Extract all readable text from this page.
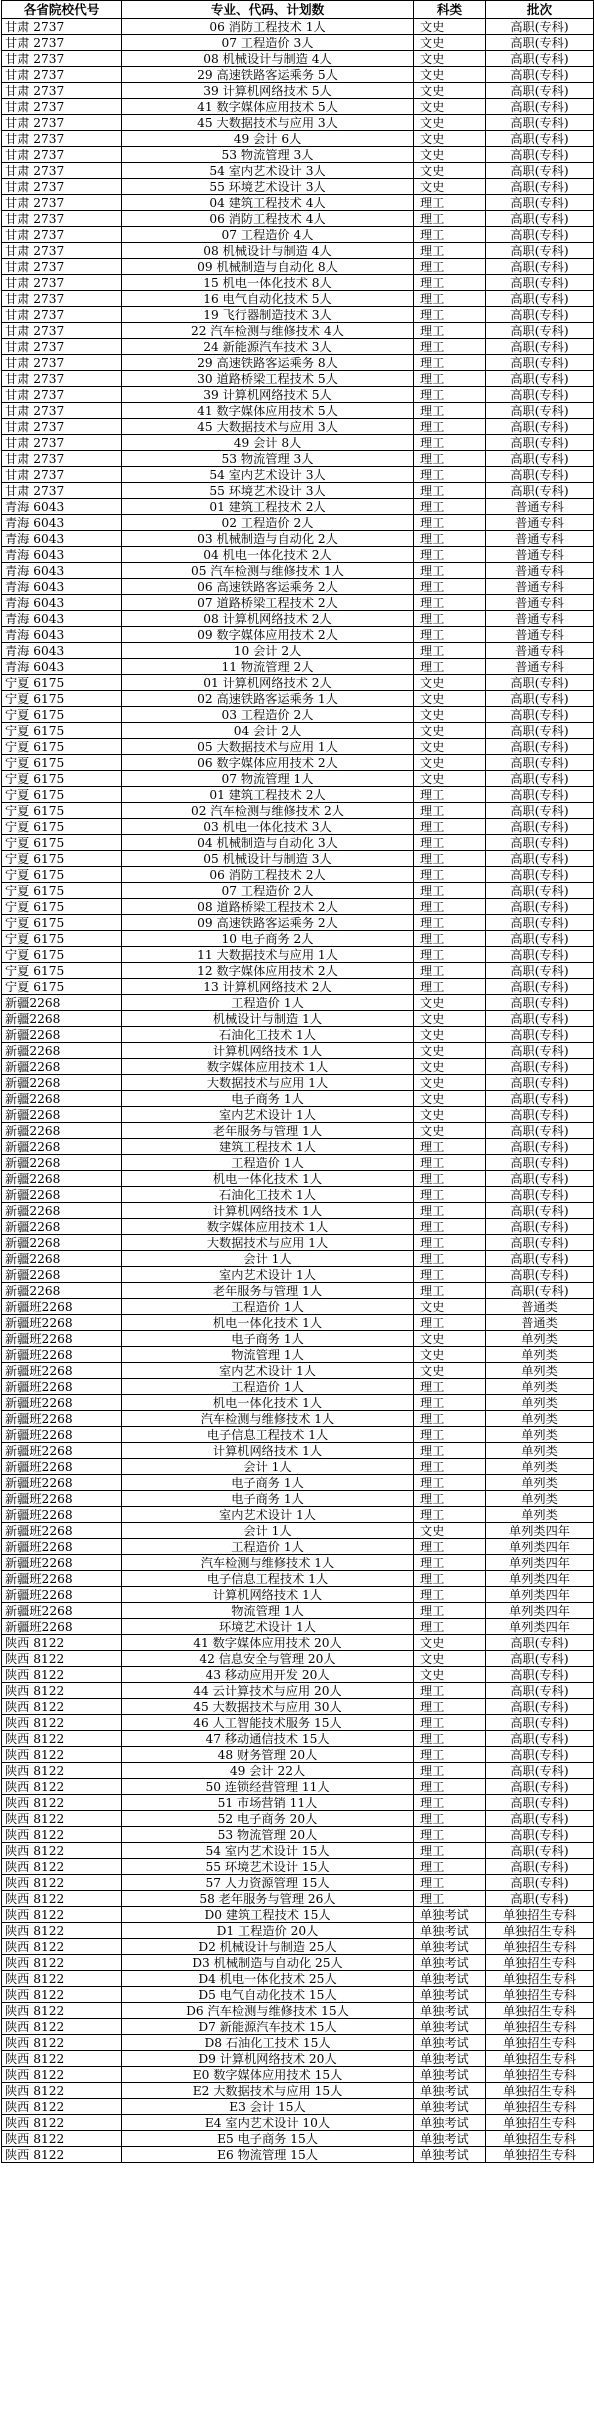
各省院校代号	专业、代码、计划数	科类	批次
甘肃 2737	06 消防工程技术 1人	文史	高职(专科)
甘肃 2737	07 工程造价 3人	文史	高职(专科)
甘肃 2737	08 机械设计与制造 4人	文史	高职(专科)
甘肃 2737	29 高速铁路客运乘务 5人	文史	高职(专科)
甘肃 2737	39 计算机网络技术 5人	文史	高职(专科)
甘肃 2737	41 数字媒体应用技术 5人	文史	高职(专科)
甘肃 2737	45 大数据技术与应用 3人	文史	高职(专科)
甘肃 2737	49 会计 6人	文史	高职(专科)
甘肃 2737	53 物流管理 3人	文史	高职(专科)
甘肃 2737	54 室内艺术设计 3人	文史	高职(专科)
甘肃 2737	55 环境艺术设计 3人	文史	高职(专科)
甘肃 2737	04 建筑工程技术 4人	理工	高职(专科)
甘肃 2737	06 消防工程技术 4人	理工	高职(专科)
甘肃 2737	07 工程造价 4人	理工	高职(专科)
甘肃 2737	08 机械设计与制造 4人	理工	高职(专科)
甘肃 2737	09 机械制造与自动化 8人	理工	高职(专科)
甘肃 2737	15 机电一体化技术 8人	理工	高职(专科)
甘肃 2737	16 电气自动化技术 5人	理工	高职(专科)
甘肃 2737	19 飞行器制造技术 3人	理工	高职(专科)
甘肃 2737	22 汽车检测与维修技术 4人	理工	高职(专科)
甘肃 2737	24 新能源汽车技术 3人	理工	高职(专科)
甘肃 2737	29 高速铁路客运乘务 8人	理工	高职(专科)
甘肃 2737	30 道路桥梁工程技术 5人	理工	高职(专科)
甘肃 2737	39 计算机网络技术 5人	理工	高职(专科)
甘肃 2737	41 数字媒体应用技术 5人	理工	高职(专科)
甘肃 2737	45 大数据技术与应用 3人	理工	高职(专科)
甘肃 2737	49 会计 8人	理工	高职(专科)
甘肃 2737	53 物流管理 3人	理工	高职(专科)
甘肃 2737	54 室内艺术设计 3人	理工	高职(专科)
甘肃 2737	55 环境艺术设计 3人	理工	高职(专科)
青海 6043	01 建筑工程技术 2人	理工	普通专科
青海 6043	02 工程造价 2人	理工	普通专科
青海 6043	03 机械制造与自动化 2人	理工	普通专科
青海 6043	04 机电一体化技术 2人	理工	普通专科
青海 6043	05 汽车检测与维修技术 1人	理工	普通专科
青海 6043	06 高速铁路客运乘务 2人	理工	普通专科
青海 6043	07 道路桥梁工程技术 2人	理工	普通专科
青海 6043	08 计算机网络技术 2人	理工	普通专科
青海 6043	09 数字媒体应用技术 2人	理工	普通专科
青海 6043	10 会计 2人	理工	普通专科
青海 6043	11 物流管理 2人	理工	普通专科
宁夏 6175	01 计算机网络技术 2人	文史	高职(专科)
宁夏 6175	02 高速铁路客运乘务 1人	文史	高职(专科)
宁夏 6175	03 工程造价 2人	文史	高职(专科)
宁夏 6175	04 会计 2人	文史	高职(专科)
宁夏 6175	05 大数据技术与应用 1人	文史	高职(专科)
宁夏 6175	06 数字媒体应用技术 2人	文史	高职(专科)
宁夏 6175	07 物流管理 1人	文史	高职(专科)
宁夏 6175	01 建筑工程技术 2人	理工	高职(专科)
宁夏 6175	02 汽车检测与维修技术 2人	理工	高职(专科)
宁夏 6175	03 机电一体化技术 3人	理工	高职(专科)
宁夏 6175	04 机械制造与自动化 3人	理工	高职(专科)
宁夏 6175	05 机械设计与制造 3人	理工	高职(专科)
宁夏 6175	06 消防工程技术 2人	理工	高职(专科)
宁夏 6175	07 工程造价 2人	理工	高职(专科)
宁夏 6175	08 道路桥梁工程技术 2人	理工	高职(专科)
宁夏 6175	09 高速铁路客运乘务 2人	理工	高职(专科)
宁夏 6175	10 电子商务 2人	理工	高职(专科)
宁夏 6175	11 大数据技术与应用 1人	理工	高职(专科)
宁夏 6175	12 数字媒体应用技术 2人	理工	高职(专科)
宁夏 6175	13 计算机网络技术 2人	理工	高职(专科)
新疆2268	工程造价 1人	文史	高职(专科)
新疆2268	机械设计与制造 1人	文史	高职(专科)
新疆2268	石油化工技术 1人	文史	高职(专科)
新疆2268	计算机网络技术 1人	文史	高职(专科)
新疆2268	数字媒体应用技术 1人	文史	高职(专科)
新疆2268	大数据技术与应用 1人	文史	高职(专科)
新疆2268	电子商务 1人	文史	高职(专科)
新疆2268	室内艺术设计 1人	文史	高职(专科)
新疆2268	老年服务与管理 1人	文史	高职(专科)
新疆2268	建筑工程技术 1人	理工	高职(专科)
新疆2268	工程造价 1人	理工	高职(专科)
新疆2268	机电一体化技术 1人	理工	高职(专科)
新疆2268	石油化工技术 1人	理工	高职(专科)
新疆2268	计算机网络技术 1人	理工	高职(专科)
新疆2268	数字媒体应用技术 1人	理工	高职(专科)
新疆2268	大数据技术与应用 1人	理工	高职(专科)
新疆2268	会计 1人	理工	高职(专科)
新疆2268	室内艺术设计 1人	理工	高职(专科)
新疆2268	老年服务与管理 1人	理工	高职(专科)
新疆班2268	工程造价 1人	文史	普通类
新疆班2268	机电一体化技术 1人	理工	普通类
新疆班2268	电子商务 1人	文史	单列类
新疆班2268	物流管理 1人	文史	单列类
新疆班2268	室内艺术设计 1人	文史	单列类
新疆班2268	工程造价 1人	理工	单列类
新疆班2268	机电一体化技术 1人	理工	单列类
新疆班2268	汽车检测与维修技术 1人	理工	单列类
新疆班2268	电子信息工程技术 1人	理工	单列类
新疆班2268	计算机网络技术 1人	理工	单列类
新疆班2268	会计 1人	理工	单列类
新疆班2268	电子商务 1人	理工	单列类
新疆班2268	电子商务 1人	理工	单列类
新疆班2268	室内艺术设计 1人	理工	单列类
新疆班2268	会计 1人	文史	单列类四年
新疆班2268	工程造价 1人	理工	单列类四年
新疆班2268	汽车检测与维修技术 1人	理工	单列类四年
新疆班2268	电子信息工程技术 1人	理工	单列类四年
新疆班2268	计算机网络技术 1人	理工	单列类四年
新疆班2268	物流管理 1人	理工	单列类四年
新疆班2268	环境艺术设计 1人	理工	单列类四年
陕西 8122	41 数字媒体应用技术 20人	文史	高职(专科)
陕西 8122	42 信息安全与管理 20人	文史	高职(专科)
陕西 8122	43 移动应用开发 20人	文史	高职(专科)
陕西 8122	44 云计算技术与应用 20人	理工	高职(专科)
陕西 8122	45 大数据技术与应用 30人	理工	高职(专科)
陕西 8122	46 人工智能技术服务 15人	理工	高职(专科)
陕西 8122	47 移动通信技术 15人	理工	高职(专科)
陕西 8122	48 财务管理 20人	理工	高职(专科)
陕西 8122	49 会计 22人	理工	高职(专科)
陕西 8122	50 连锁经营管理 11人	理工	高职(专科)
陕西 8122	51 市场营销 11人	理工	高职(专科)
陕西 8122	52 电子商务 20人	理工	高职(专科)
陕西 8122	53 物流管理 20人	理工	高职(专科)
陕西 8122	54 室内艺术设计 15人	理工	高职(专科)
陕西 8122	55 环境艺术设计 15人	理工	高职(专科)
陕西 8122	57 人力资源管理 15人	理工	高职(专科)
陕西 8122	58 老年服务与管理 26人	理工	高职(专科)
陕西 8122	D0 建筑工程技术 15人	单独考试	单独招生专科
陕西 8122	D1 工程造价 20人	单独考试	单独招生专科
陕西 8122	D2 机械设计与制造 25人	单独考试	单独招生专科
陕西 8122	D3 机械制造与自动化 25人	单独考试	单独招生专科
陕西 8122	D4 机电一体化技术 25人	单独考试	单独招生专科
陕西 8122	D5 电气自动化技术 15人	单独考试	单独招生专科
陕西 8122	D6 汽车检测与维修技术 15人	单独考试	单独招生专科
陕西 8122	D7 新能源汽车技术 15人	单独考试	单独招生专科
陕西 8122	D8 石油化工技术 15人	单独考试	单独招生专科
陕西 8122	D9 计算机网络技术 20人	单独考试	单独招生专科
陕西 8122	E0 数字媒体应用技术 15人	单独考试	单独招生专科
陕西 8122	E2 大数据技术与应用 15人	单独考试	单独招生专科
陕西 8122	E3 会计 15人	单独考试	单独招生专科
陕西 8122	E4 室内艺术设计 10人	单独考试	单独招生专科
陕西 8122	E5 电子商务 15人	单独考试	单独招生专科
陕西 8122	E6 物流管理 15人	单独考试	单独招生专科
